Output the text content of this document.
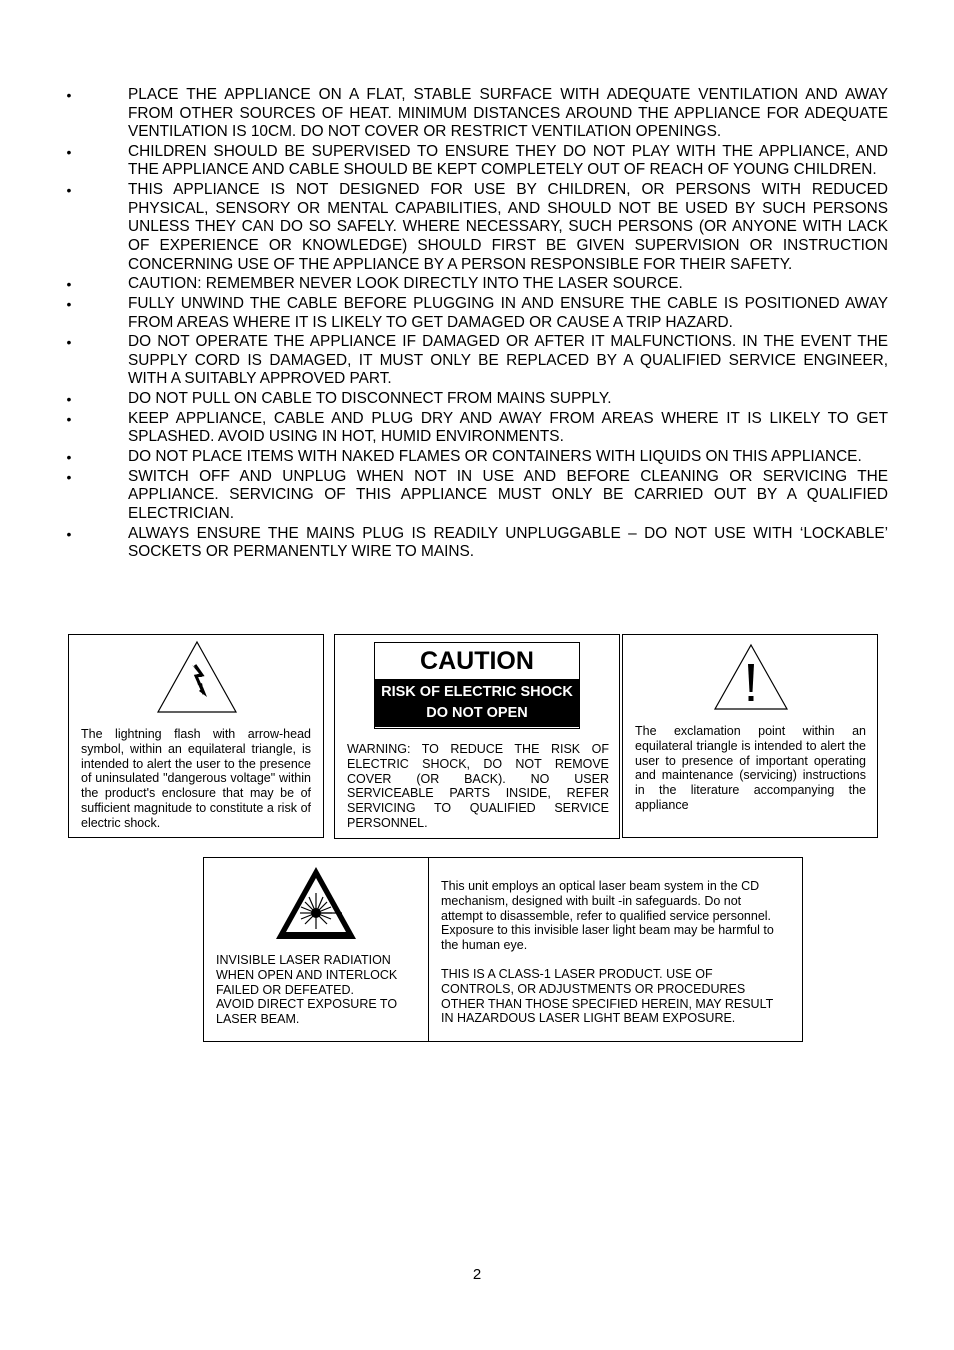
•	PLACE THE APPLIANCE ON A FLAT, STABLE SURFACE WITH ADEQUATE VENTILATION AND AWAY FROM OTHER SOURCES OF HEAT. MINIMUM DISTANCES AROUND THE APPLIANCE FOR ADEQUATE VENTILATION IS 10CM. DO NOT COVER OR RESTRICT VENTILATION OPENINGS.
•	CHILDREN SHOULD BE SUPERVISED TO ENSURE THEY DO NOT PLAY WITH THE APPLIANCE, AND THE APPLIANCE AND CABLE SHOULD BE KEPT COMPLETELY OUT OF REACH OF YOUNG CHILDREN.
•	THIS APPLIANCE IS NOT DESIGNED FOR USE BY CHILDREN, OR PERSONS WITH REDUCED PHYSICAL, SENSORY OR MENTAL CAPABILITIES, AND SHOULD NOT BE USED BY SUCH PERSONS UNLESS THEY CAN DO SO SAFELY. WHERE NECESSARY, SUCH PERSONS (OR ANYONE WITH LACK OF EXPERIENCE OR KNOWLEDGE) SHOULD FIRST BE GIVEN SUPERVISION OR INSTRUCTION CONCERNING USE OF THE APPLIANCE BY A PERSON RESPONSIBLE FOR THEIR SAFETY.
•	CAUTION: REMEMBER NEVER LOOK DIRECTLY INTO THE LASER SOURCE.
•	FULLY UNWIND THE CABLE BEFORE PLUGGING IN AND ENSURE THE CABLE IS POSITIONED AWAY FROM AREAS WHERE IT IS LIKELY TO GET DAMAGED OR CAUSE A TRIP HAZARD.
•	DO NOT OPERATE THE APPLIANCE IF DAMAGED OR AFTER IT MALFUNCTIONS. IN THE EVENT THE SUPPLY CORD IS DAMAGED, IT MUST ONLY BE REPLACED BY A QUALIFIED SERVICE ENGINEER, WITH A SUITABLY APPROVED PART.
•	DO NOT PULL ON CABLE TO DISCONNECT FROM MAINS SUPPLY.
•	KEEP APPLIANCE, CABLE AND PLUG DRY AND AWAY FROM AREAS WHERE IT IS LIKELY TO GET SPLASHED. AVOID USING IN HOT, HUMID ENVIRONMENTS.
•	DO NOT PLACE ITEMS WITH NAKED FLAMES OR CONTAINERS WITH LIQUIDS ON THIS APPLIANCE.
•	SWITCH OFF AND UNPLUG WHEN NOT IN USE AND BEFORE CLEANING OR SERVICING THE APPLIANCE. SERVICING OF THIS APPLIANCE MUST ONLY BE CARRIED OUT BY A QUALIFIED ELECTRICIAN.
•	ALWAYS ENSURE THE MAINS PLUG IS READILY UNPLUGGABLE – DO NOT USE WITH ‘LOCKABLE’ SOCKETS OR PERMANENTLY WIRE TO MAINS.

The lightning flash with arrow-head symbol, within an equilateral triangle, is intended to alert the user to the presence of uninsulated "dangerous voltage" within the product's enclosure that may be of sufficient magnitude to constitute a risk of electric shock.

CAUTION
RISK OF ELECTRIC SHOCK
DO NOT OPEN

WARNING: TO REDUCE THE RISK OF ELECTRIC SHOCK, DO NOT REMOVE COVER (OR BACK). NO USER SERVICEABLE PARTS INSIDE, REFER SERVICING TO QUALIFIED SERVICE PERSONNEL.

The exclamation point within an equilateral triangle is intended to alert the user to presence of important operating and maintenance (servicing) instructions in the literature accompanying the appliance

INVISIBLE LASER RADIATION
WHEN OPEN AND INTERLOCK
FAILED OR DEFEATED.
AVOID DIRECT EXPOSURE TO
LASER BEAM.

This unit employs an optical laser beam system in the CD
mechanism, designed with built -in safeguards. Do not
attempt to disassemble, refer to qualified service personnel.
Exposure to this invisible laser light beam may be harmful to
the human eye.

THIS IS A CLASS-1 LASER PRODUCT. USE OF
CONTROLS, OR ADJUSTMENTS OR PROCEDURES
OTHER THAN THOSE SPECIFIED HEREIN, MAY RESULT
IN HAZARDOUS LASER LIGHT BEAM EXPOSURE.

2
